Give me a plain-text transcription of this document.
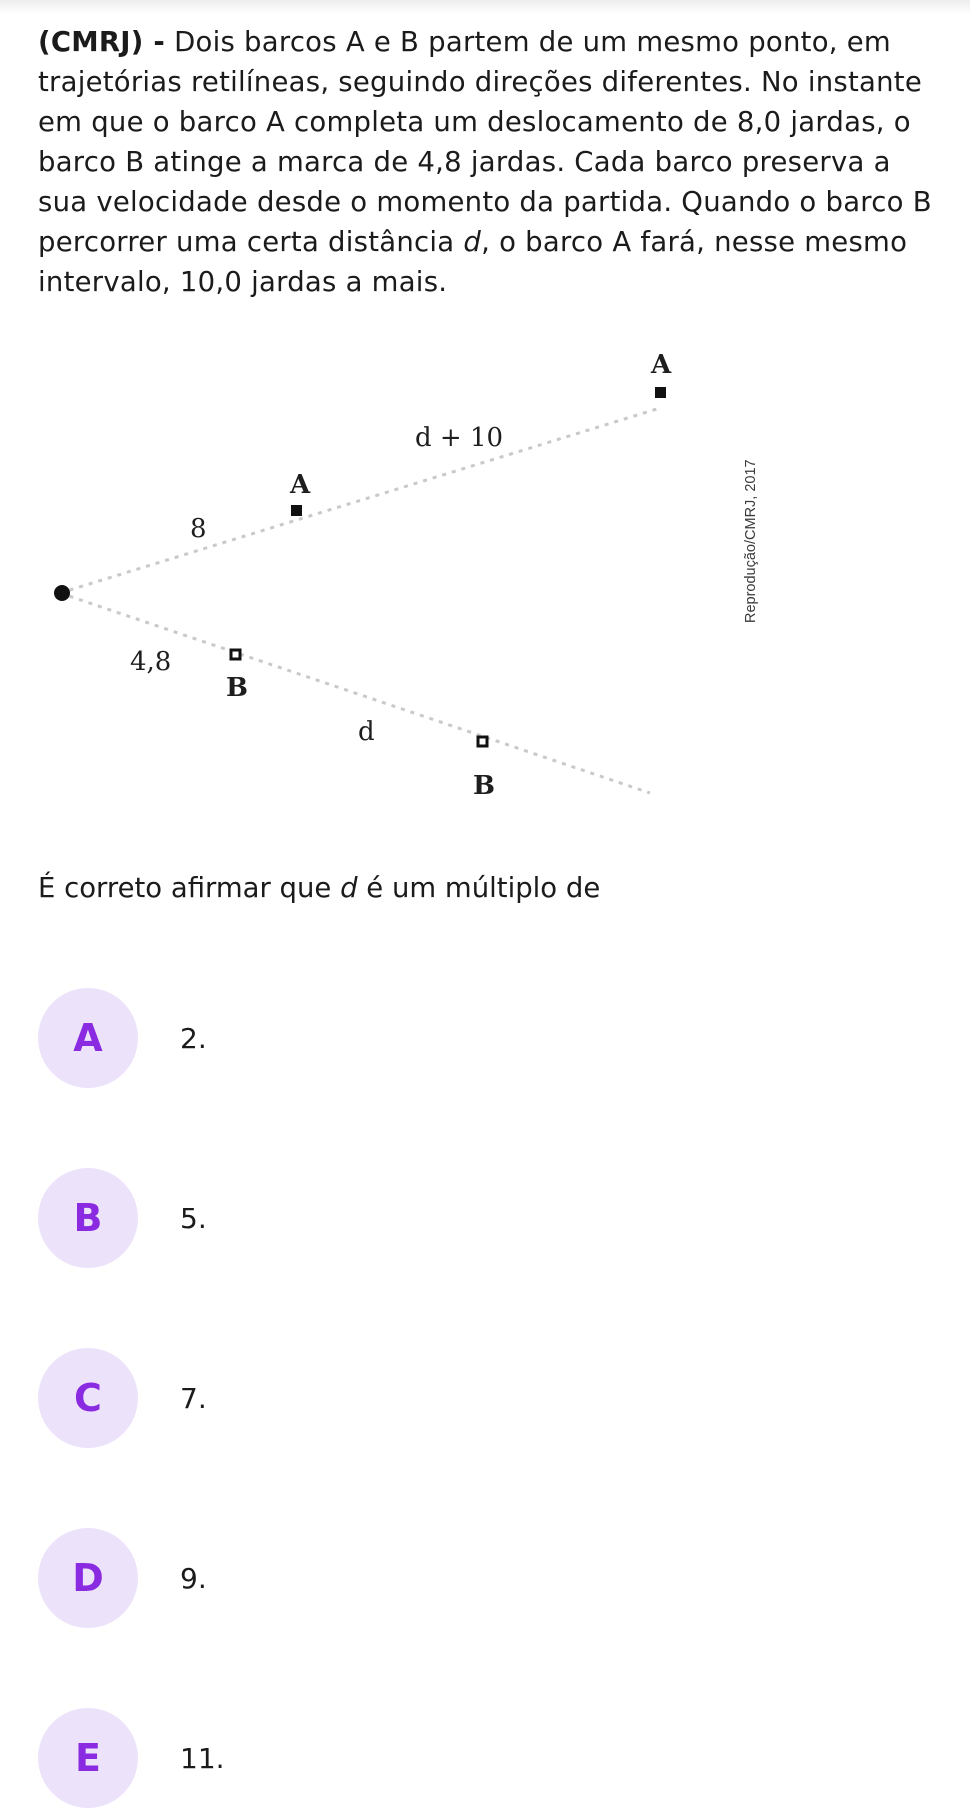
(CMRJ) - Dois barcos A e B partem de um mesmo ponto, em trajetórias retilíneas, seguindo direções diferentes. No instante em que o barco A completa um deslocamento de 8,0 jardas, o barco B atinge a marca de 4,8 jardas. Cada barco preserva a sua velocidade desde o momento da partida. Quando o barco B percorrer uma certa distância d, o barco A fará, nesse mesmo intervalo, 10,0 jardas a mais.

A
d + 10
A
8
4,8
B
d
B
Reprodução/CMRJ, 2017

É correto afirmar que d é um múltiplo de

A	2.
B	5.
C	7.
D	9.
E	11.
